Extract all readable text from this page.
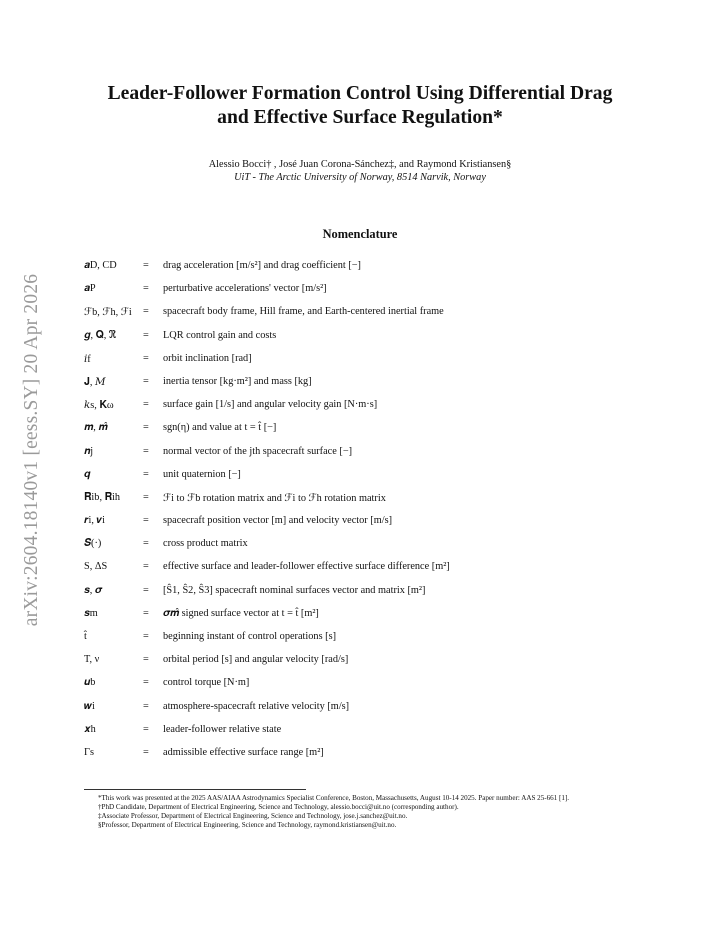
arXiv:2604.18140v1 [eess.SY] 20 Apr 2026
Leader-Follower Formation Control Using Differential Drag
and Effective Surface Regulation*
Alessio Bocci† , José Juan Corona-Sánchez‡, and Raymond Kristiansen§
UiT - The Arctic University of Norway, 8514 Narvik, Norway
Nomenclature
𝒂D, CD	= drag acceleration [m/s²] and drag coefficient [−]
𝒂P	= perturbative accelerations' vector [m/s²]
ℱb, ℱh, ℱi = spacecraft body frame, Hill frame, and Earth-centered inertial frame
𝒈, 𝐐, ℜ	= LQR control gain and costs
𝑖f	= orbit inclination [rad]
𝐉, 𝑀	= inertia tensor [kg·m²] and mass [kg]
𝑘s, 𝐊ω	= surface gain [1/s] and angular velocity gain [N·m·s]
𝒎, 𝒎̂	= sgn(η) and value at t = t̂ [−]
𝒏j	= normal vector of the jth spacecraft surface [−]
𝒒	= unit quaternion [−]
𝐑ib, 𝐑ih = ℱi to ℱb rotation matrix and ℱi to ℱh rotation matrix
𝒓i, 𝒗i	= spacecraft position vector [m] and velocity vector [m/s]
𝑺(·)	= cross product matrix
S, ΔS	= effective surface and leader-follower effective surface difference [m²]
𝒔, 𝝈	= [Ŝ1, Ŝ2, Ŝ3] spacecraft nominal surfaces vector and matrix [m²]
𝒔m	= 𝝈𝒎̂ signed surface vector at t = t̂ [m²]
t̂	= beginning instant of control operations [s]
T, ν	= orbital period [s] and angular velocity [rad/s]
𝒖b	= control torque [N·m]
𝒘i	= atmosphere-spacecraft relative velocity [m/s]
𝒙h	= leader-follower relative state
Γs	= admissible effective surface range [m²]
*This work was presented at the 2025 AAS/AIAA Astrodynamics Specialist Conference, Boston, Massachusetts, August 10-14 2025. Paper number: AAS 25-661 [1].
†PhD Candidate, Department of Electrical Engineering, Science and Technology, alessio.bocci@uit.no (corresponding author).
‡Associate Professor, Department of Electrical Engineering, Science and Technology, jose.j.sanchez@uit.no.
§Professor, Department of Electrical Engineering, Science and Technology, raymond.kristiansen@uit.no.
